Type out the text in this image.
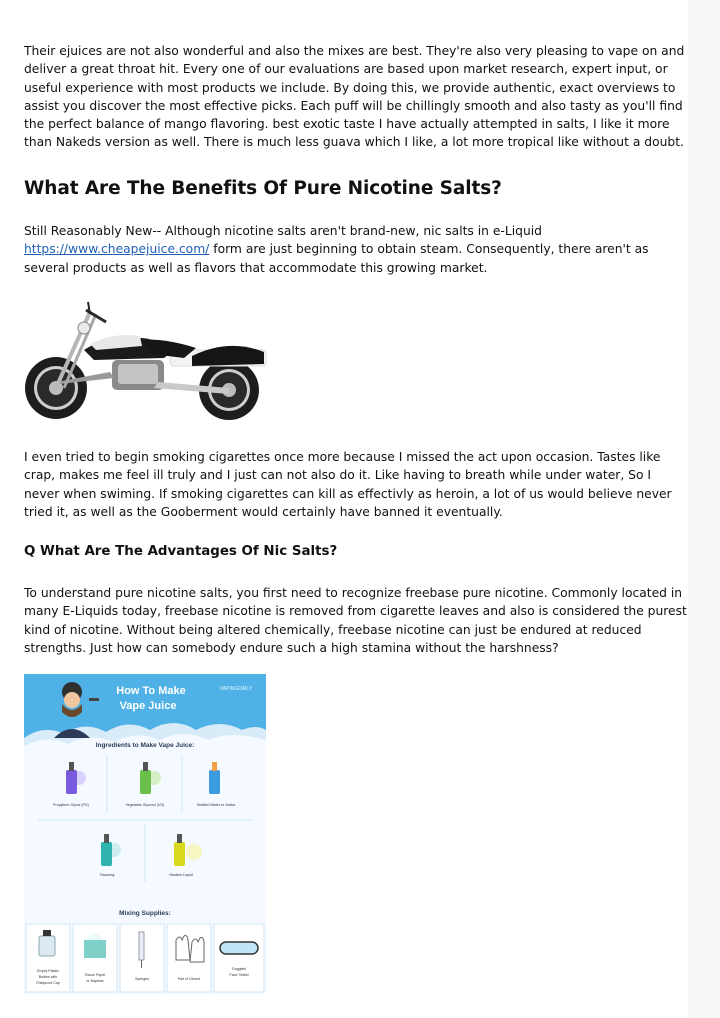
Their ejuices are not also wonderful and also the mixes are best. They're also very pleasing to vape on and deliver a great throat hit. Every one of our evaluations are based upon market research, expert input, or useful experience with most products we include. By doing this, we provide authentic, exact overviews to assist you discover the most effective picks. Each puff will be chillingly smooth and also tasty as you'll find the perfect balance of mango flavoring. best exotic taste I have actually attempted in salts, I like it more than Nakeds version as well. There is much less guava which I like, a lot more tropical like without a doubt.

What Are The Benefits Of Pure Nicotine Salts?

Still Reasonably New-- Although nicotine salts aren't brand-new, nic salts in e-Liquid https://www.cheapejuice.com/ form are just beginning to obtain steam. Consequently, there aren't as several products as well as flavors that accommodate this growing market.

I even tried to begin smoking cigarettes once more because I missed the act upon occasion. Tastes like crap, makes me feel ill truly and I just can not also do it. Like having to breath while under water, So I never when swiming. If smoking cigarettes can kill as effectivly as heroin, a lot of us would believe never tried it, as well as the Gooberment would certainly have banned it eventually.

Q What Are The Advantages Of Nic Salts?

To understand pure nicotine salts, you first need to recognize freebase pure nicotine. Commonly located in many E-Liquids today, freebase nicotine is removed from cigarette leaves and also is considered the purest kind of nicotine. Without being altered chemically, freebase nicotine can just be endured at reduced strengths. Just how can somebody endure such a high stamina without the harshness?

How To Make
Vape Juice
VAPINGDAILY
Ingredients to Make Vape Juice:
Propylene Glycol (PG)	Vegetable Glycerol (VG)	Distilled Water or Vodka
Flavoring	Nicotine Liquid
Mixing Supplies:
Empty Plastic
Bottles with
Childproof Cap
Tissue Paper
or Napkins	Syringes	Pair of Gloves
Goggles/
Face Shield
